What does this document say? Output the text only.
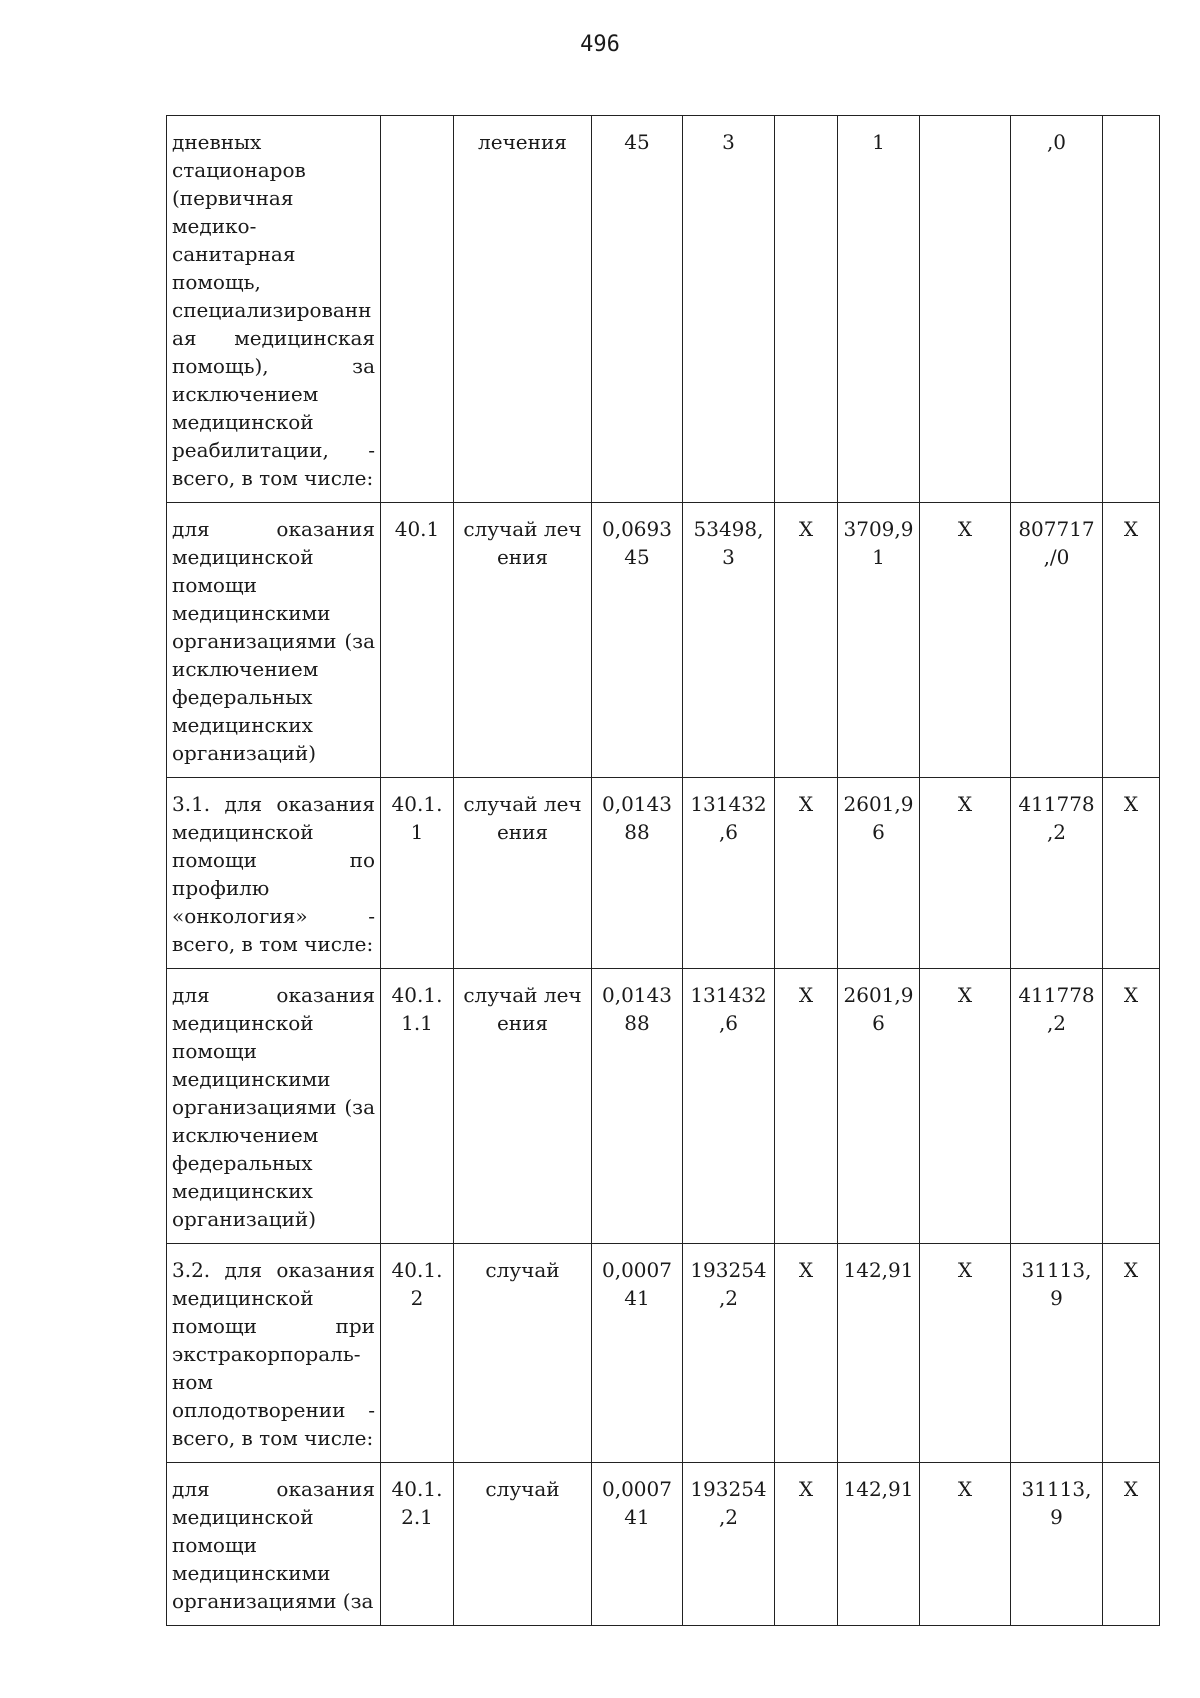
496
дневных стационаров (первичная медико-санитарная помощь, специализированн ая медицинская помощь), за исключением медицинской реабилитации, - всего, в том числе:		лечения	45	3		1		,0	
для оказания медицинской помощи медицинскими организациями (за исключением федеральных медицинских организаций)	40.1	случай лечения	0,0693 45	53498, 3	X	3709,9 1	X	807717 ,/0	X
3.1. для оказания медицинской помощи по профилю «онкология» - всего, в том числе:	40.1. 1	случай лечения	0,0143 88	131432 ,6	X	2601,9 6	X	411778 ,2	X
для оказания медицинской помощи медицинскими организациями (за исключением федеральных медицинских организаций)	40.1. 1.1	случай лечения	0,0143 88	131432 ,6	X	2601,9 6	X	411778 ,2	X
3.2. для оказания медицинской помощи при экстракорпораль-ном оплодотворении - всего, в том числе:	40.1. 2	случай	0,0007 41	193254 ,2	X	142,91	X	31113, 9	X
для оказания медицинской помощи медицинскими организациями (за	40.1. 2.1	случай	0,0007 41	193254 ,2	X	142,91	X	31113, 9	X
